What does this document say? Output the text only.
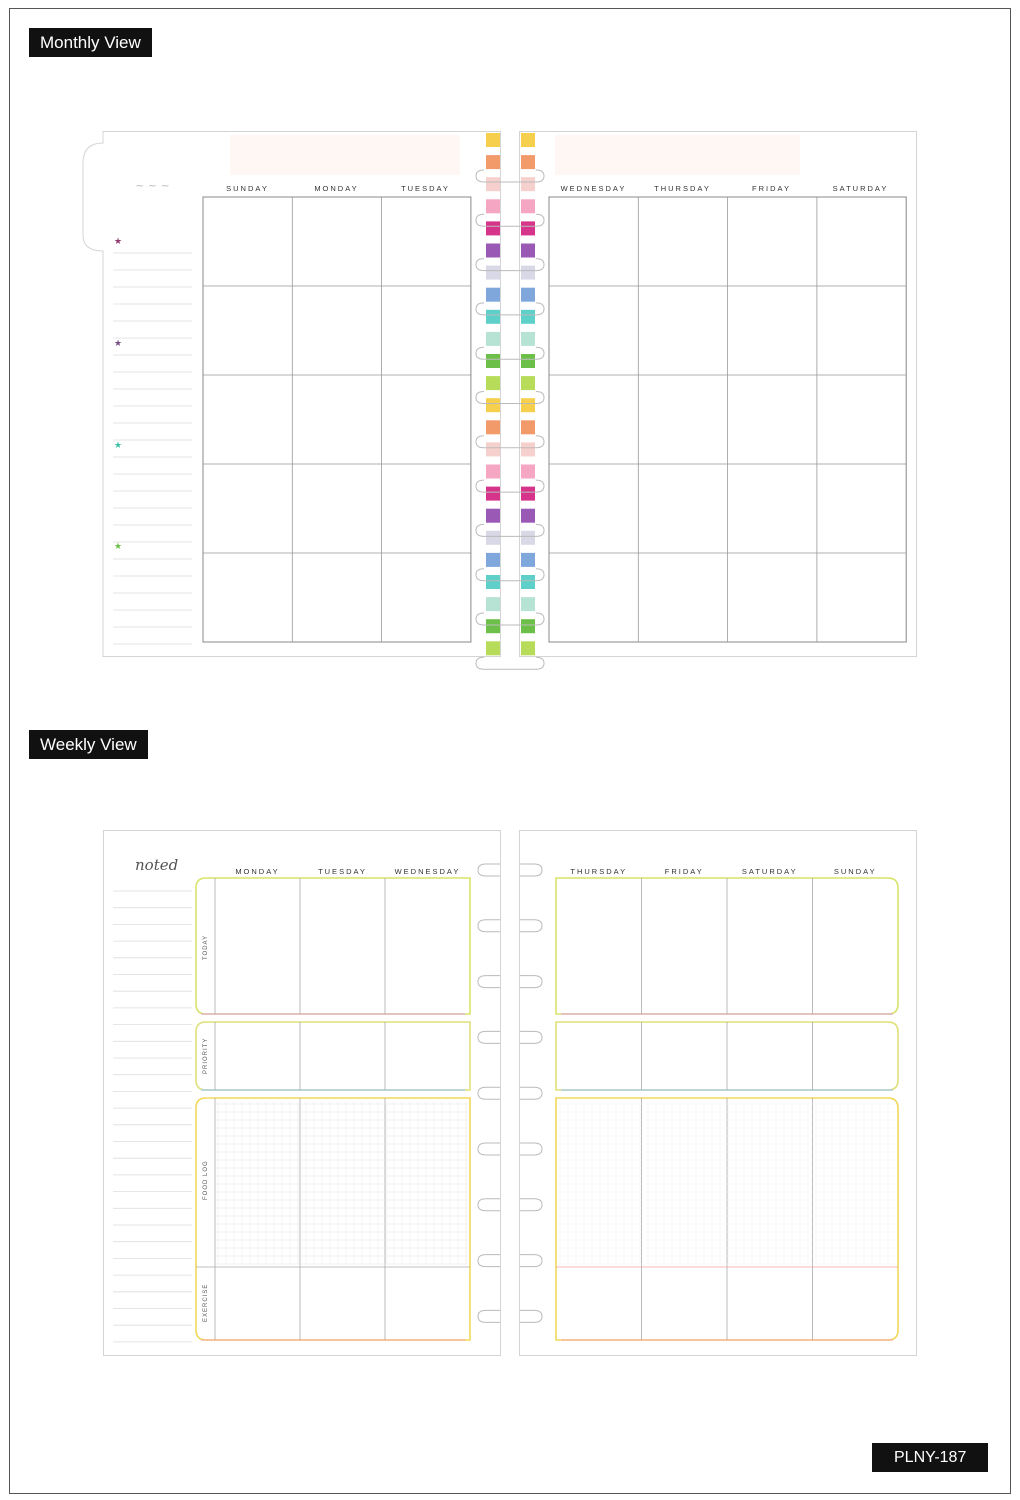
Monthly View
~ ~ ~	SUNDAY	MONDAY	TUESDAY	WEDNESDAY	THURSDAY	FRIDAY	SATURDAY
★
★
★
★
Weekly View
noted	MONDAY	TUESDAY	WEDNESDAY	THURSDAY	FRIDAY	SATURDAY	SUNDAY
TODAY
PRIORITY
FOOD LOG
EXERCISE
PLNY-187
